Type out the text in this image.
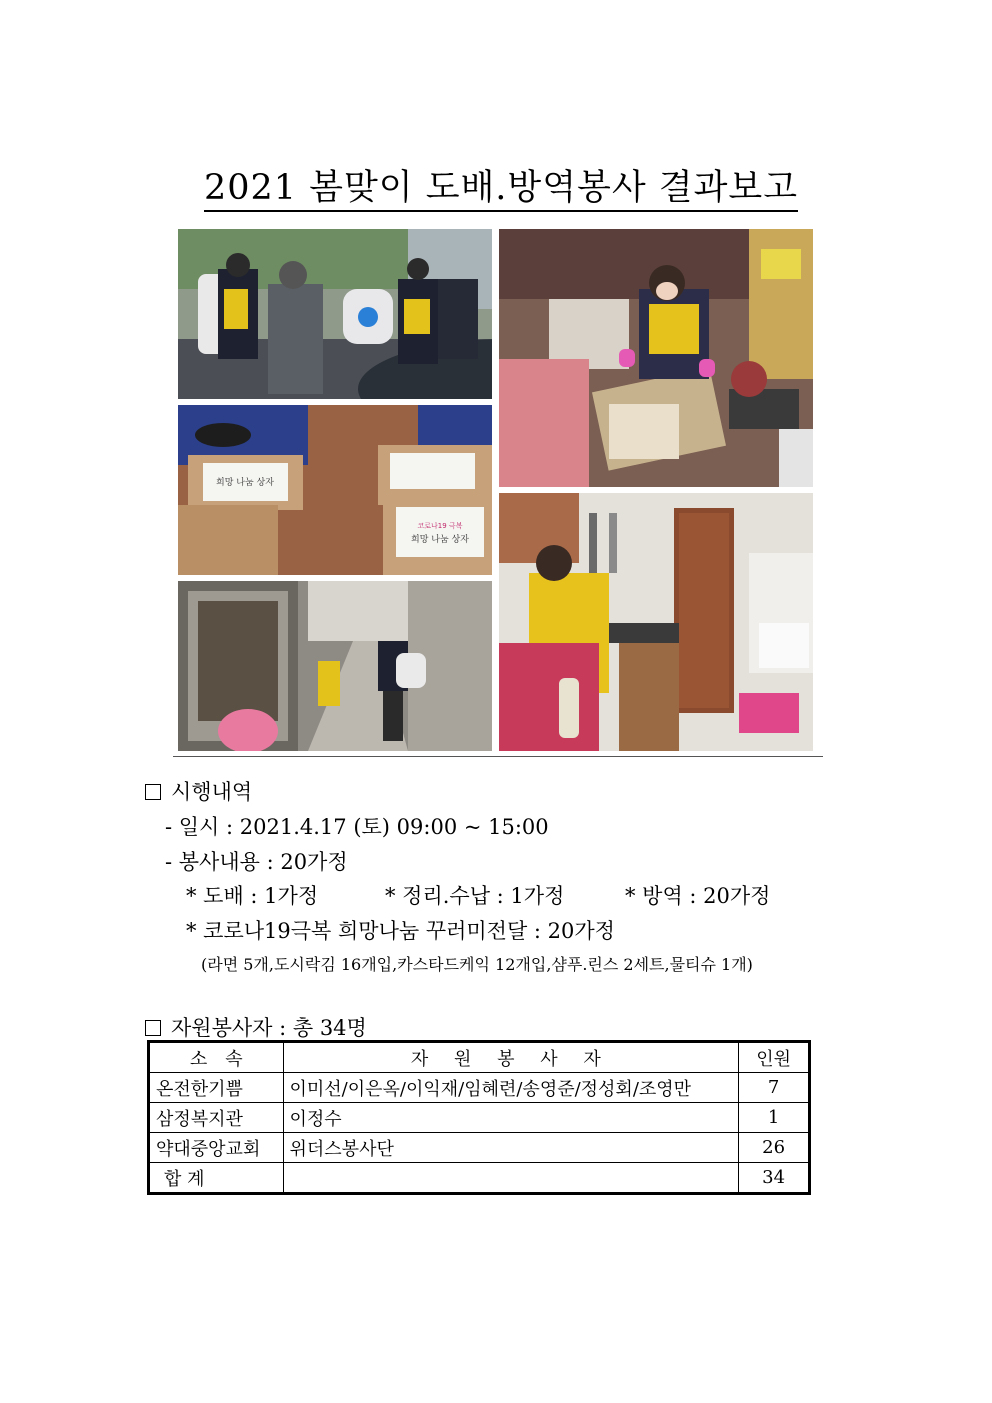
2021 봄맞이 도배.방역봉사 결과보고
희망 나눔 상자
코로나19 극복
희망 나눔 상자
시행내역
- 일시 : 2021.4.17 (토) 09:00 ~ 15:00
- 봉사내용 : 20가정
* 도배 : 1가정	* 정리.수납 : 1가정	* 방역 : 20가정
* 코로나19극복 희망나눔 꾸러미전달 : 20가정
(라면 5개,도시락김 16개입,카스타드케익 12개입,샴푸.린스 2세트,물티슈 1개)
자원봉사자 : 총 34명
소　속	자 원 봉 사 자	인원
온전한기쁨	이미선/이은옥/이익재/임혜련/송영준/정성회/조영만	7
삼정복지관	이정수	1
약대중앙교회	위더스봉사단	26
합 계		34
